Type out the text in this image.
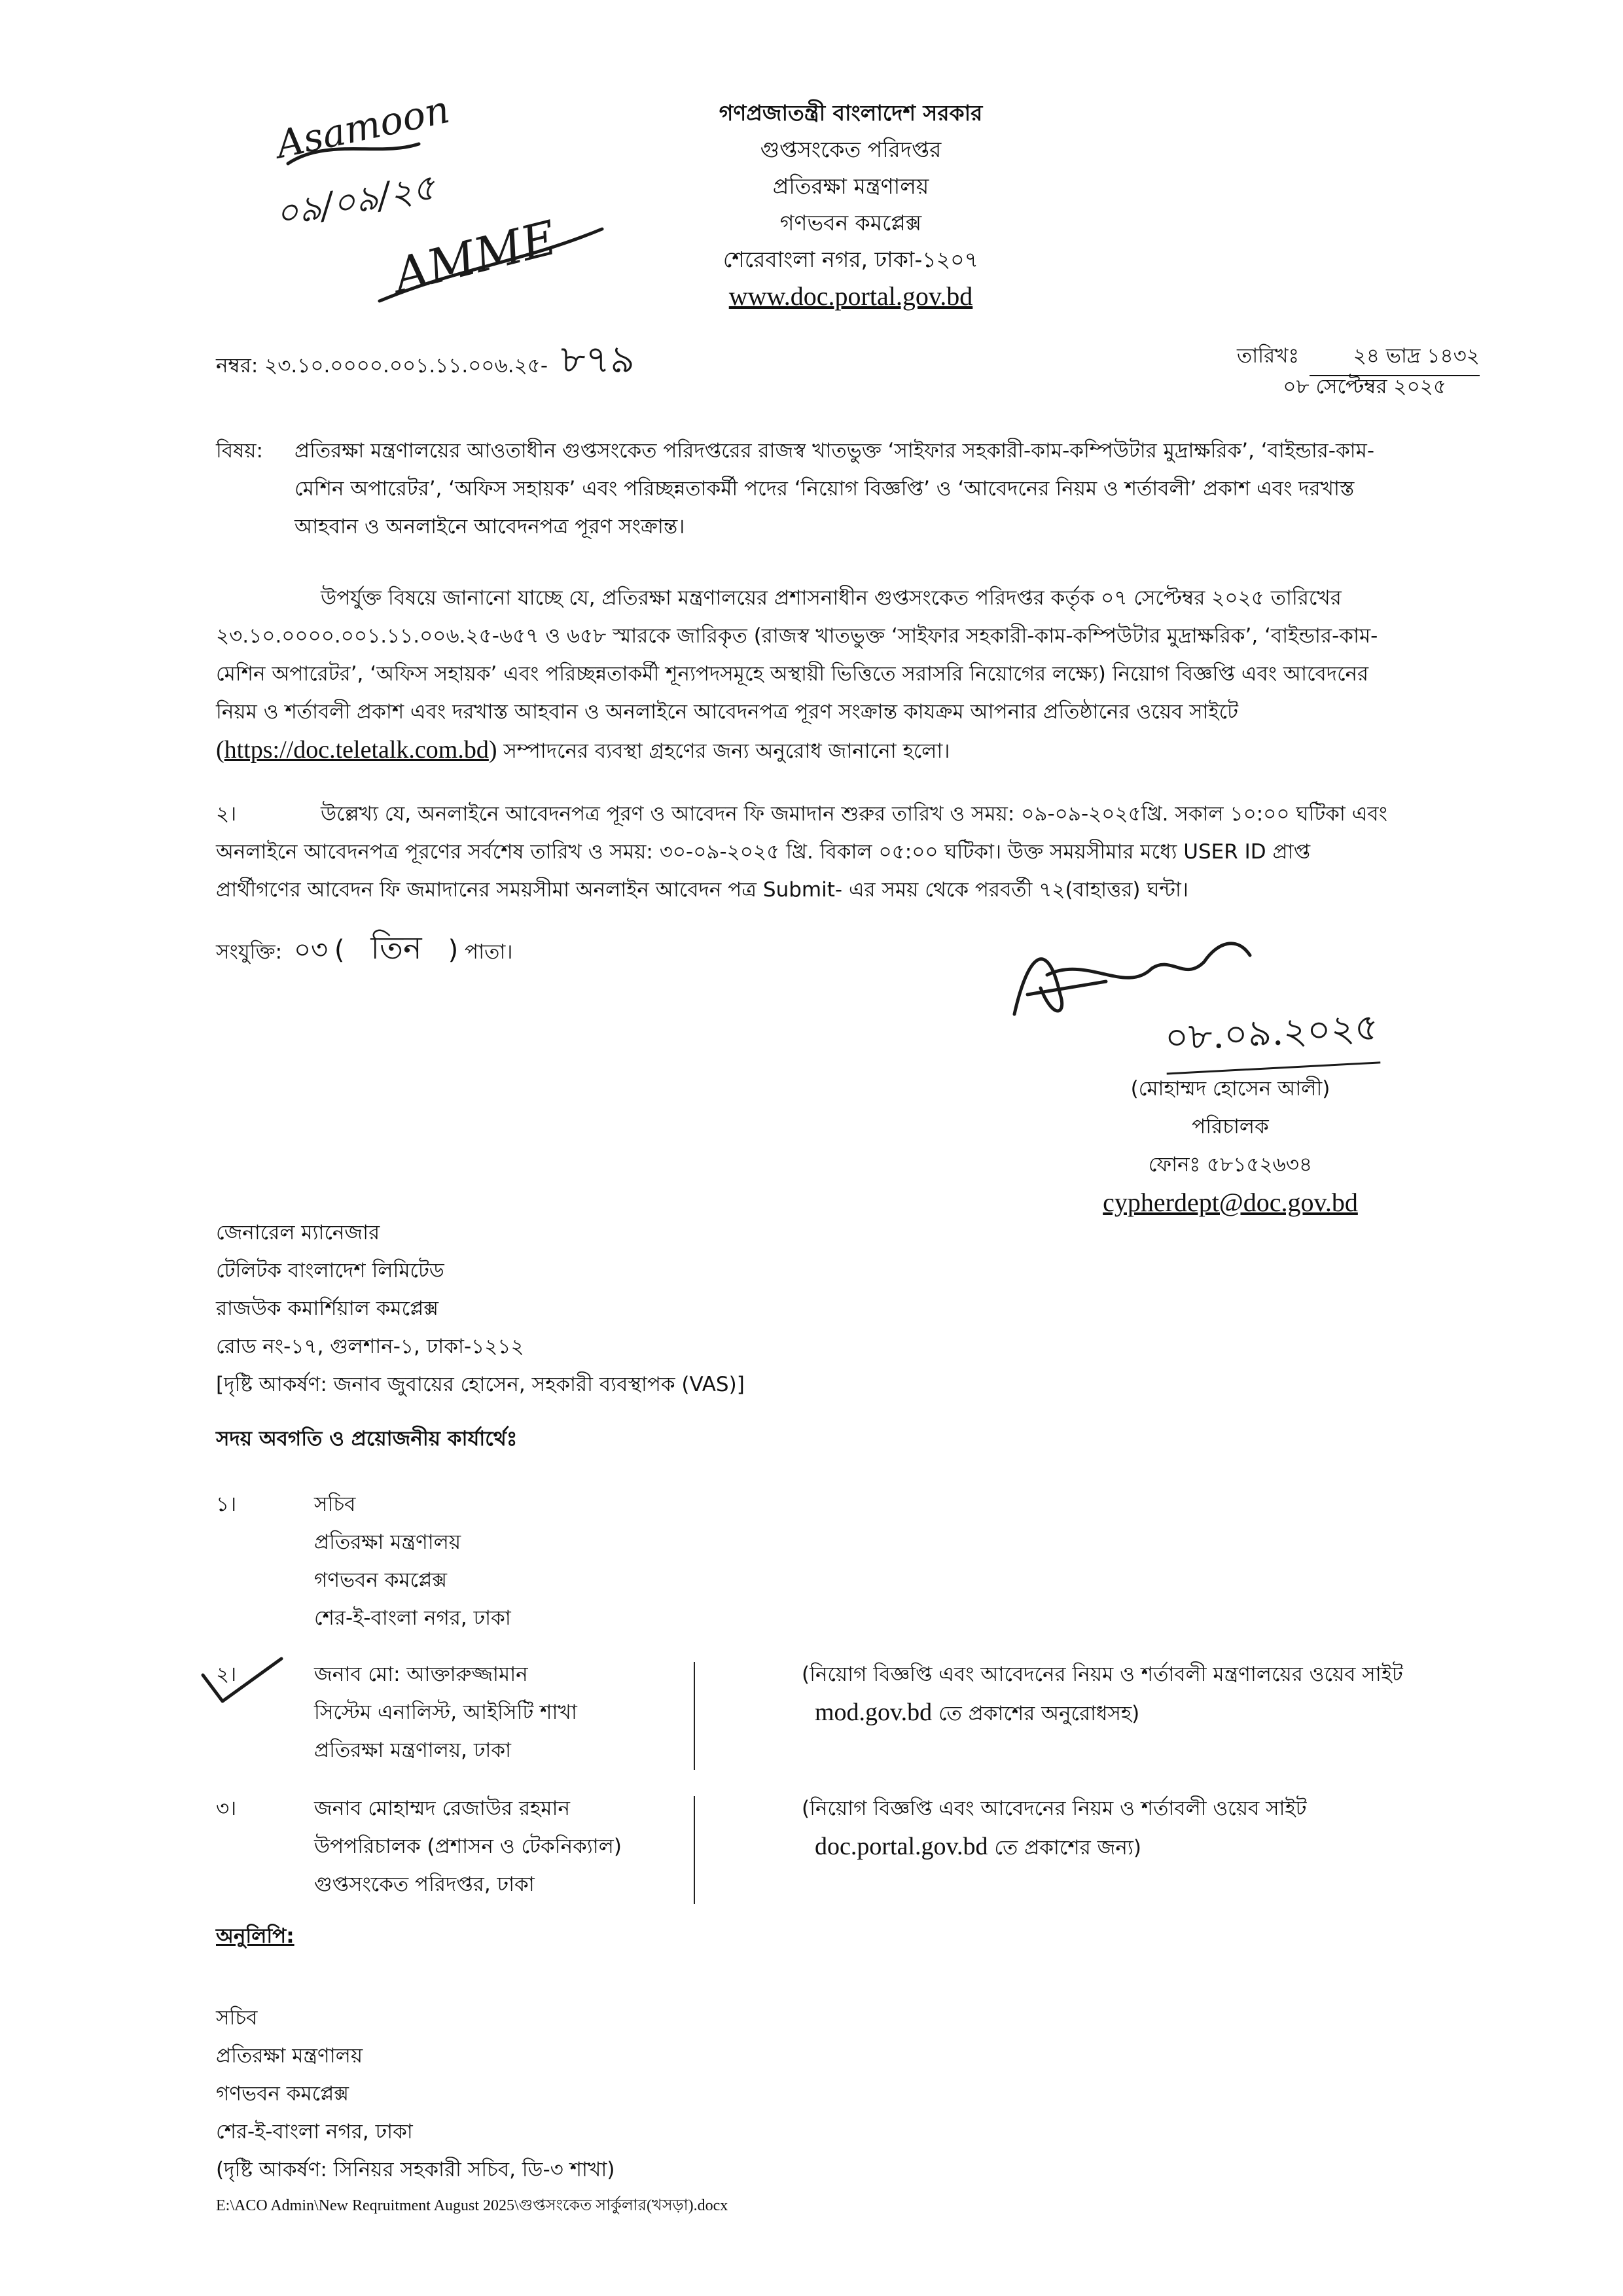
Asamoon
০৯/০৯/২৫
AMME
গণপ্রজাতন্ত্রী বাংলাদেশ সরকার
গুপ্তসংকেত পরিদপ্তর
প্রতিরক্ষা মন্ত্রণালয়
গণভবন কমপ্লেক্স
শেরেবাংলা নগর, ঢাকা-১২০৭
www.doc.portal.gov.bd
নম্বর: ২৩.১০.০০০০.০০১.১১.০০৬.২৫- ৮৭৯	তারিখঃ	২৪ ভাদ্র ১৪৩২
০৮ সেপ্টেম্বর ২০২৫
বিষয়: প্রতিরক্ষা মন্ত্রণালয়ের আওতাধীন গুপ্তসংকেত পরিদপ্তরের রাজস্ব খাতভুক্ত ‘সাইফার সহকারী-কাম-কম্পিউটার মুদ্রাক্ষরিক’, ‘বাইন্ডার-কাম-
মেশিন অপারেটর’, ‘অফিস সহায়ক’ এবং পরিচ্ছন্নতাকর্মী পদের ‘নিয়োগ বিজ্ঞপ্তি’ ও ‘আবেদনের নিয়ম ও শর্তাবলী’ প্রকাশ এবং দরখাস্ত
আহবান ও অনলাইনে আবেদনপত্র পূরণ সংক্রান্ত।
উপর্যুক্ত বিষয়ে জানানো যাচ্ছে যে, প্রতিরক্ষা মন্ত্রণালয়ের প্রশাসনাধীন গুপ্তসংকেত পরিদপ্তর কর্তৃক ০৭ সেপ্টেম্বর ২০২৫ তারিখের
২৩.১০.০০০০.০০১.১১.০০৬.২৫-৬৫৭ ও ৬৫৮ স্মারকে জারিকৃত (রাজস্ব খাতভুক্ত ‘সাইফার সহকারী-কাম-কম্পিউটার মুদ্রাক্ষরিক’, ‘বাইন্ডার-কাম-
মেশিন অপারেটর’, ‘অফিস সহায়ক’ এবং পরিচ্ছন্নতাকর্মী শূন্যপদসমূহে অস্থায়ী ভিত্তিতে সরাসরি নিয়োগের লক্ষ্যে) নিয়োগ বিজ্ঞপ্তি এবং আবেদনের
নিয়ম ও শর্তাবলী প্রকাশ এবং দরখাস্ত আহবান ও অনলাইনে আবেদনপত্র পূরণ সংক্রান্ত কাযক্রম আপনার প্রতিষ্ঠানের ওয়েব সাইটে
(https://doc.teletalk.com.bd) সম্পাদনের ব্যবস্থা গ্রহণের জন্য অনুরোধ জানানো হলো।
২।	উল্লেখ্য যে, অনলাইনে আবেদনপত্র পূরণ ও আবেদন ফি জমাদান শুরুর তারিখ ও সময়: ০৯-০৯-২০২৫খ্রি. সকাল ১০:০০ ঘটিকা এবং
অনলাইনে আবেদনপত্র পূরণের সর্বশেষ তারিখ ও সময়: ৩০-০৯-২০২৫ খ্রি. বিকাল ০৫:০০ ঘটিকা। উক্ত সময়সীমার মধ্যে USER ID প্রাপ্ত
প্রার্থীগণের আবেদন ফি জমাদানের সময়সীমা অনলাইন আবেদন পত্র Submit- এর সময় থেকে পরবর্তী ৭২(বাহাত্তর) ঘন্টা।
সংযুক্তি: ০৩ ( তিন ) পাতা।
০৮.০৯.২০২৫
(মোহাম্মদ হোসেন আলী)
পরিচালক
ফোনঃ ৫৮১৫২৬৩৪
cypherdept@doc.gov.bd
জেনারেল ম্যানেজার
টেলিটক বাংলাদেশ লিমিটেড
রাজউক কমার্শিয়াল কমপ্লেক্স
রোড নং-১৭, গুলশান-১, ঢাকা-১২১২
[দৃষ্টি আকর্ষণ: জনাব জুবায়ের হোসেন, সহকারী ব্যবস্থাপক (VAS)]
সদয় অবগতি ও প্রয়োজনীয় কার্যার্থেঃ
১।	সচিব
প্রতিরক্ষা মন্ত্রণালয়
গণভবন কমপ্লেক্স
শের-ই-বাংলা নগর, ঢাকা
২।	জনাব মো: আক্তারুজ্জামান
সিস্টেম এনালিস্ট, আইসিটি শাখা
প্রতিরক্ষা মন্ত্রণালয়, ঢাকা
(নিয়োগ বিজ্ঞপ্তি এবং আবেদনের নিয়ম ও শর্তাবলী মন্ত্রণালয়ের ওয়েব সাইট
mod.gov.bd তে প্রকাশের অনুরোধসহ)
৩।	জনাব মোহাম্মদ রেজাউর রহমান
উপপরিচালক (প্রশাসন ও টেকনিক্যাল)
গুপ্তসংকেত পরিদপ্তর, ঢাকা
(নিয়োগ বিজ্ঞপ্তি এবং আবেদনের নিয়ম ও শর্তাবলী ওয়েব সাইট
doc.portal.gov.bd তে প্রকাশের জন্য)
অনুলিপি:
সচিব
প্রতিরক্ষা মন্ত্রণালয়
গণভবন কমপ্লেক্স
শের-ই-বাংলা নগর, ঢাকা
(দৃষ্টি আকর্ষণ: সিনিয়র সহকারী সচিব, ডি-৩ শাখা)
E:\ACO Admin\New Reqruitment August 2025\গুপ্তসংকেত সার্কুলার(খসড়া).docx
